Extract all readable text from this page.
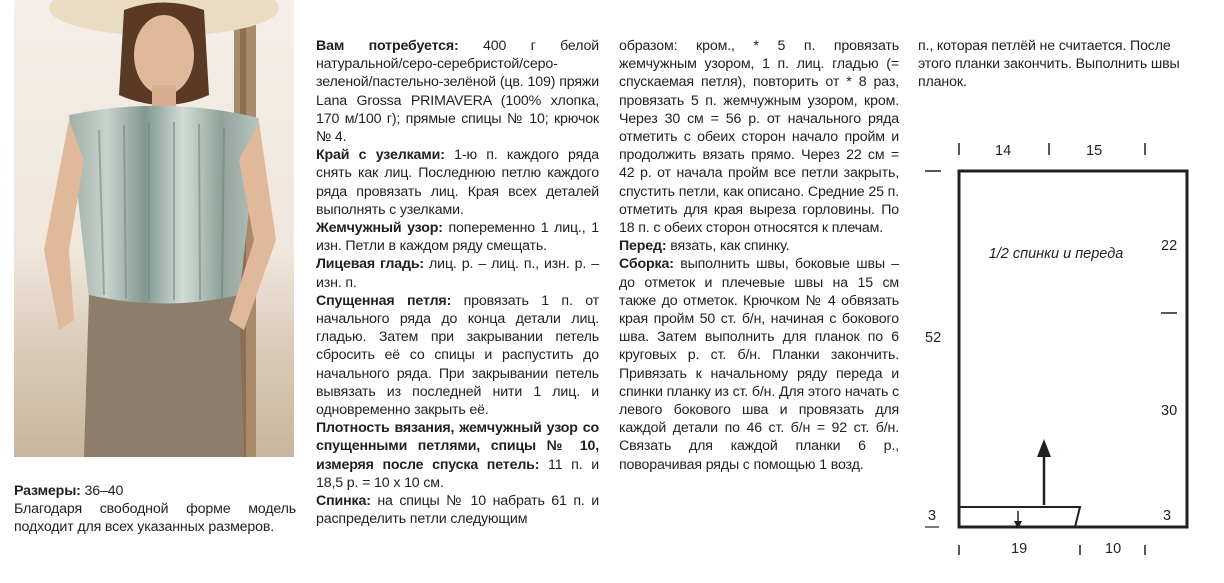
Размеры: 36–40

Благодаря свободной форме модель подходит для всех указанных размеров.

Вам потребуется: 400 г белой натуральной/серо-серебристой/серо-зеленой/пастельно-зелёной (цв. 109) пряжи Lana Grossa PRIMAVERA (100% хлопка, 170 м/100 г); прямые спицы № 10; крючок № 4.

Край с узелками: 1-ю п. каждого ряда снять как лиц. Последнюю петлю каждого ряда провязать лиц. Края всех деталей выполнять с узелками.

Жемчужный узор: попеременно 1 лиц., 1 изн. Петли в каждом ряду смещать.

Лицевая гладь: лиц. р. – лиц. п., изн. р. – изн. п.

Спущенная петля: провязать 1 п. от начального ряда до конца детали лиц. гладью. Затем при закрывании петель сбросить её со спицы и распустить до начального ряда. При закрывании петель вывязать из последней нити 1 лиц. и одновременно закрыть её.

Плотность вязания, жемчужный узор со спущенными петлями, спицы № 10, измеряя после спуска петель: 11 п. и 18,5 р. = 10 х 10 см.

Спинка: на спицы № 10 набрать 61 п. и распределить петли следующим

образом: кром., * 5 п. провязать жемчужным узором, 1 п. лиц. гладью (= спускаемая петля), повторить от * 8 раз, провязать 5 п. жемчужным узором, кром. Через 30 см = 56 р. от начального ряда отметить с обеих сторон начало пройм и продолжить вязать прямо. Через 22 см = 42 р. от начала пройм все петли закрыть, спустить петли, как описано. Средние 25 п. отметить для края выреза горловины. По 18 п. с обеих сторон относятся к плечам.

Перед: вязать, как спинку.

Сборка: выполнить швы, боковые швы – до отметок и плечевые швы на 15 см также до отметок. Крючком № 4 обвязать края пройм 50 ст. б/н, начиная с бокового шва. Затем выполнить для планок по 6 круговых р. ст. б/н. Планки закончить. Привязать к начальному ряду переда и спинки планку из ст. б/н. Для этого начать с левого бокового шва и провязать для каждой детали по 46 ст. б/н = 92 ст. б/н. Связать для каждой планки 6 р., поворачивая ряды с помощью 1 возд.

п., которая петлёй не считается. После этого планки закончить. Выполнить швы планок.

14	15
1/2 спинки и переда	22
30
52
3	3
19	10
